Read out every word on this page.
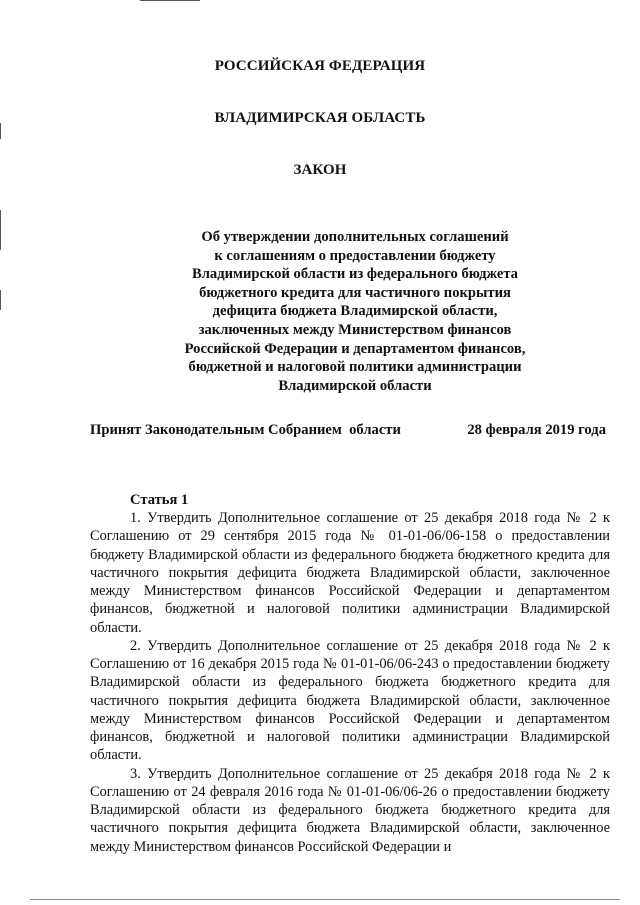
РОССИЙСКАЯ ФЕДЕРАЦИЯ
ВЛАДИМИРСКАЯ ОБЛАСТЬ
ЗАКОН
Об утверждении дополнительных соглашений
к соглашениям о предоставлении бюджету
Владимирской области из федерального бюджета
бюджетного кредита для частичного покрытия
дефицита бюджета Владимирской области,
заключенных между Министерством финансов
Российской Федерации и департаментом финансов,
бюджетной и налоговой политики администрации
Владимирской области
Принят Законодательным Собранием  области	28 февраля 2019 года
Статья 1

1. Утвердить Дополнительное соглашение от 25 декабря 2018 года № 2 к Соглашению от 29 сентября 2015 года № 01-01-06/06-158 о предоставлении бюджету Владимирской области из федерального бюджета бюджетного кредита для частичного покрытия дефицита бюджета Владимирской области, заключенное между Министерством финансов Российской Федерации и департаментом финансов, бюджетной и налоговой политики администрации Владимирской области.

2. Утвердить Дополнительное соглашение от 25 декабря 2018 года № 2 к Соглашению от 16 декабря 2015 года № 01-01-06/06-243 о предоставлении бюджету Владимирской области из федерального бюджета бюджетного кредита для частичного покрытия дефицита бюджета Владимирской области, заключенное между Министерством финансов Российской Федерации и департаментом финансов, бюджетной и налоговой политики администрации Владимирской области.

3. Утвердить Дополнительное соглашение от 25 декабря 2018 года № 2 к Соглашению от 24 февраля 2016 года № 01-01-06/06-26 о предоставлении бюджету Владимирской области из федерального бюджета бюджетного кредита для частичного покрытия дефицита бюджета Владимирской области, заключенное между Министерством финансов Российской Федерации и
